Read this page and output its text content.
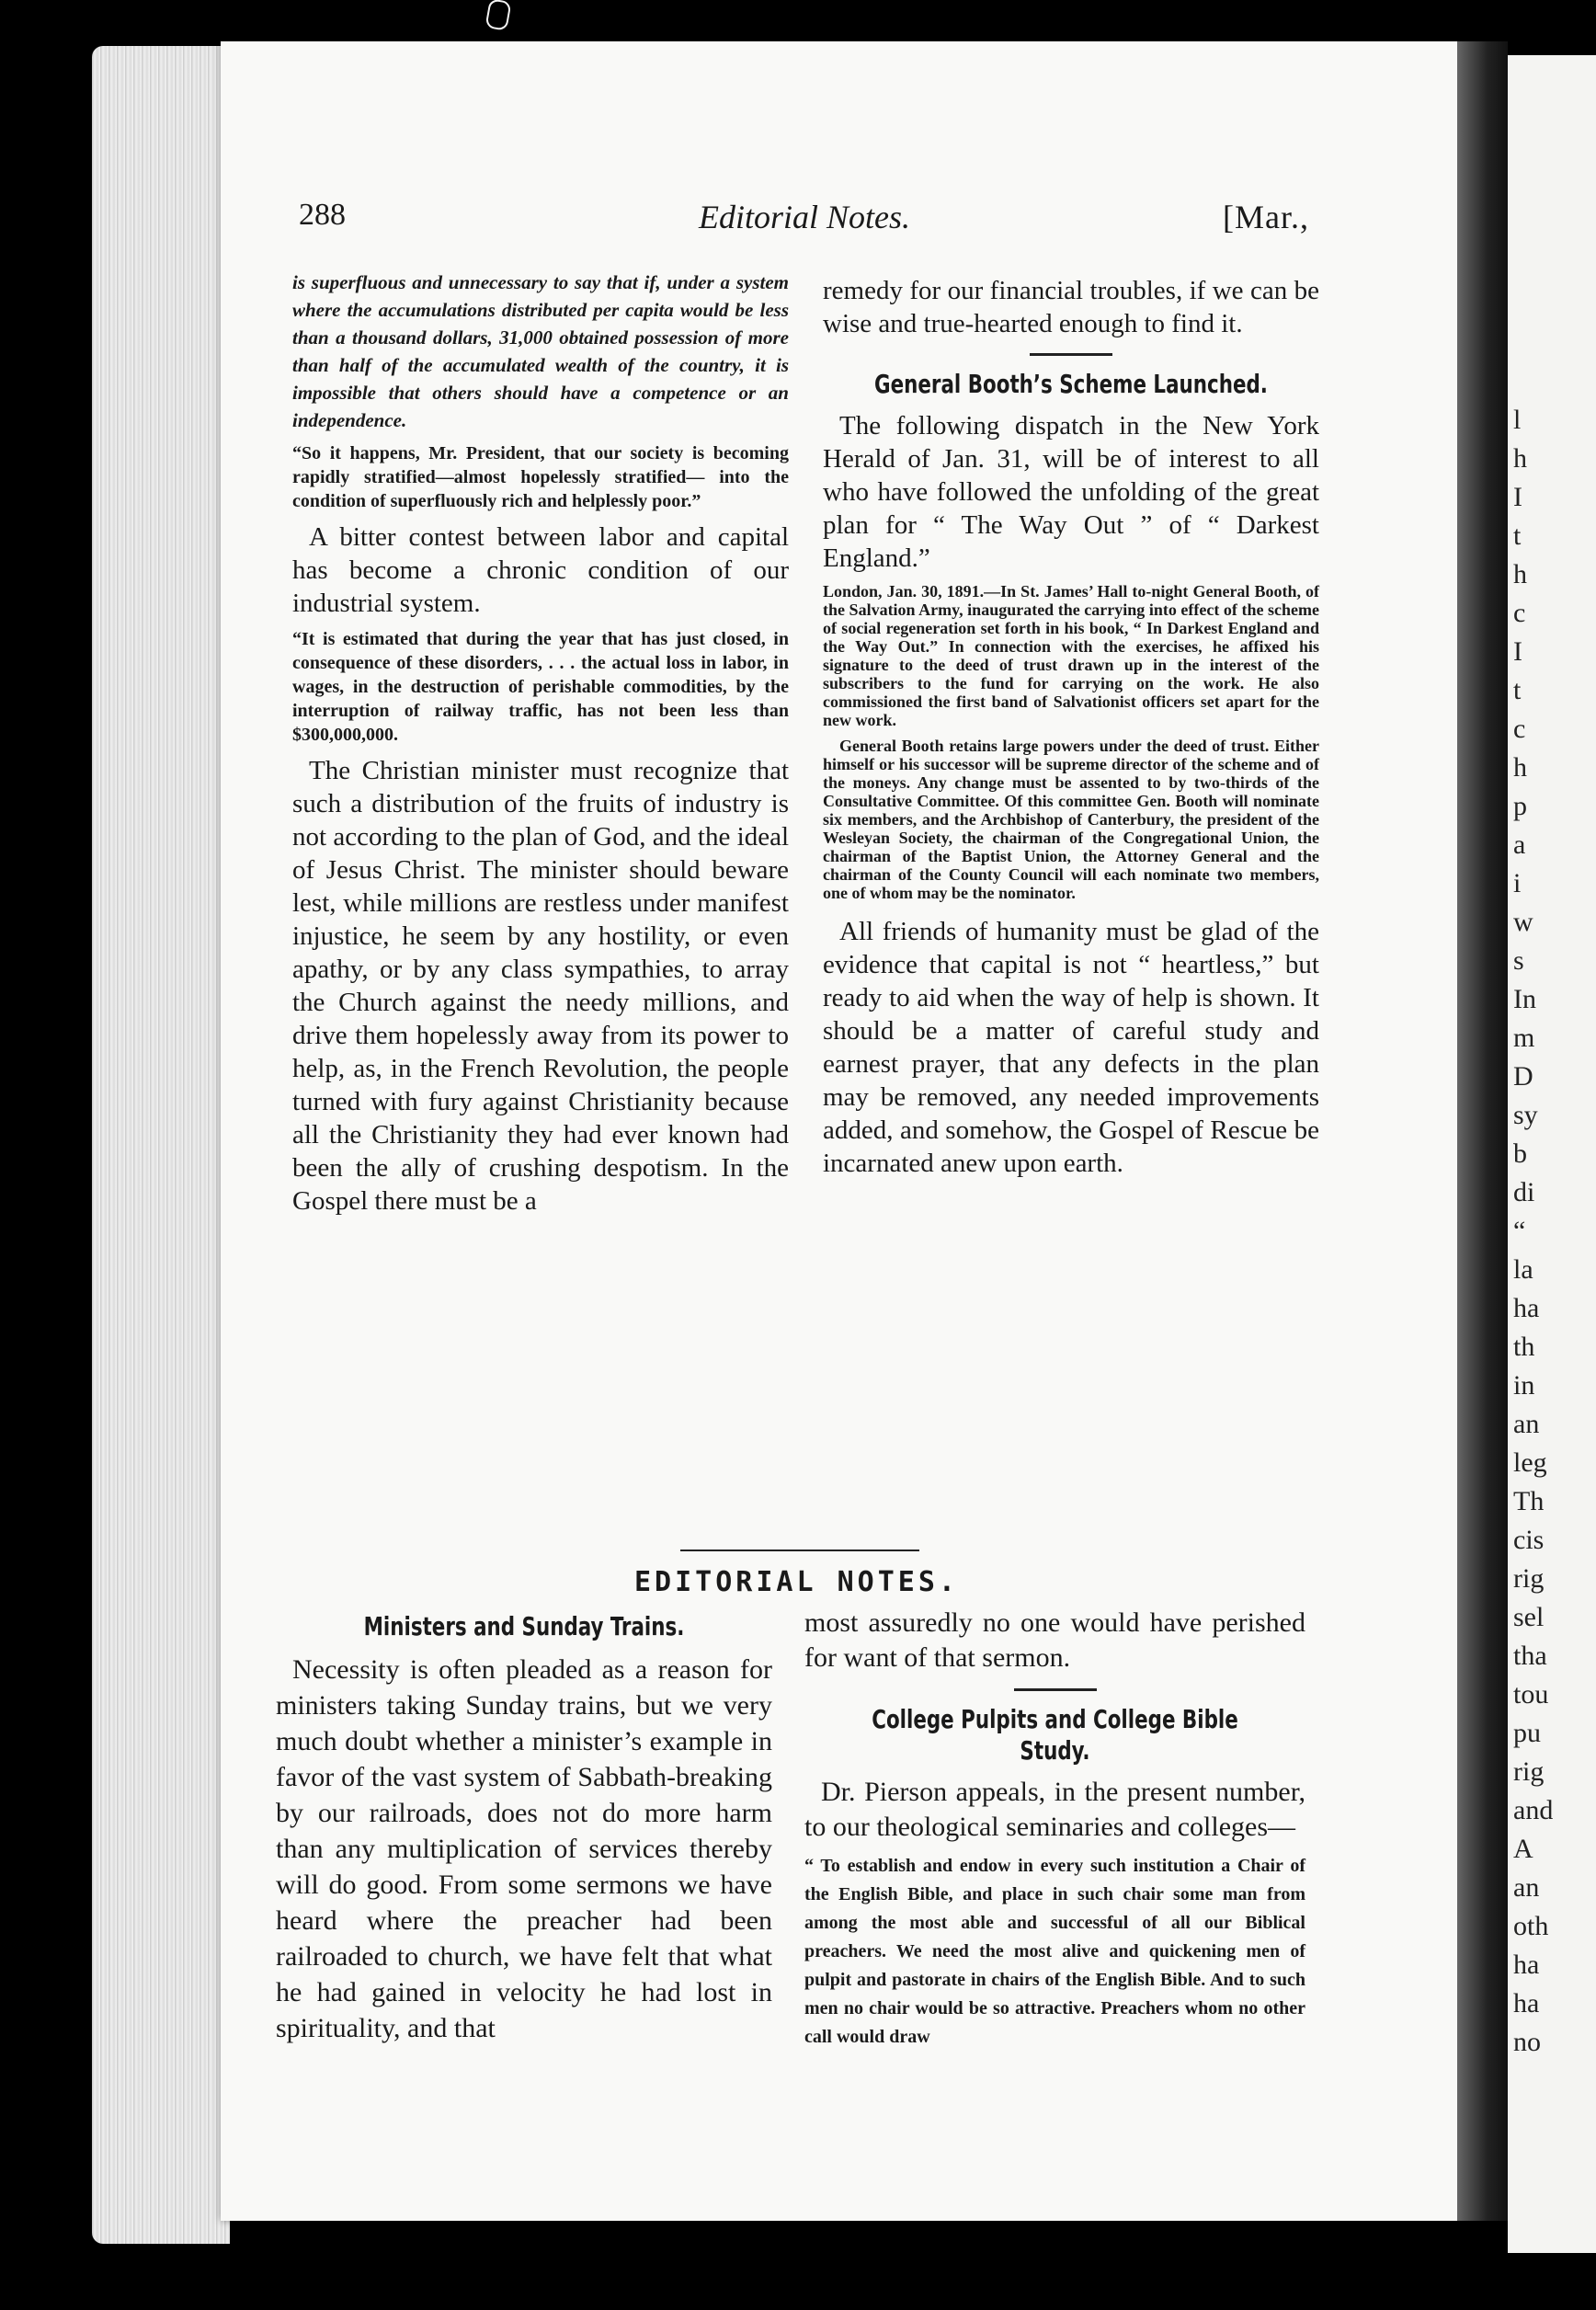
l
h
I
t
h
c
I
t
c
h
p
a
i
w
s
In
m
D
sy
b
di
“
la
ha
th
in
an
leg
Th
cis
rig
sel
tha
tou
pu
rig
and
A
an
oth
ha
ha
no
288	Editorial Notes.	[Mar.,

is superfluous and unnecessary to say that if, under a system where the accumulations distributed per capita would be less than a thousand dollars, 31,000 obtained possession of more than half of the accumulated wealth of the country, it is impossible that others should have a competence or an independence.

“So it happens, Mr. President, that our society is becoming rapidly stratified—almost hopelessly stratified— into the condition of superfluously rich and helplessly poor.”

A bitter contest between labor and capital has become a chronic condition of our industrial system.

“It is estimated that during the year that has just closed, in consequence of these disorders, . . . the actual loss in labor, in wages, in the destruction of perishable commodities, by the interruption of railway traffic, has not been less than $300,000,000.

The Christian minister must recognize that such a distribution of the fruits of industry is not according to the plan of God, and the ideal of Jesus Christ. The minister should beware lest, while millions are restless under manifest injustice, he seem by any hostility, or even apathy, or by any class sympathies, to array the Church against the needy millions, and drive them hopelessly away from its power to help, as, in the French Revolution, the people turned with fury against Christianity because all the Christianity they had ever known had been the ally of crushing despotism. In the Gospel there must be a

remedy for our financial troubles, if we can be wise and true-hearted enough to find it.

General Booth’s Scheme Launched.

The following dispatch in the New York Herald of Jan. 31, will be of interest to all who have followed the unfolding of the great plan for “ The Way Out ” of “ Darkest England.”

London, Jan. 30, 1891.—In St. James’ Hall to-night General Booth, of the Salvation Army, inaugurated the carrying into effect of the scheme of social regeneration set forth in his book, “ In Darkest England and the Way Out.” In connection with the exercises, he affixed his signature to the deed of trust drawn up in the interest of the subscribers to the fund for carrying on the work. He also commissioned the first band of Salvationist officers set apart for the new work.

General Booth retains large powers under the deed of trust. Either himself or his successor will be supreme director of the scheme and of the moneys. Any change must be assented to by two-thirds of the Consultative Committee. Of this committee Gen. Booth will nominate six members, and the Archbishop of Canterbury, the president of the Wesleyan Society, the chairman of the Congregational Union, the chairman of the Baptist Union, the Attorney General and the chairman of the County Council will each nominate two members, one of whom may be the nominator.

All friends of humanity must be glad of the evidence that capital is not “ heartless,” but ready to aid when the way of help is shown. It should be a matter of careful study and earnest prayer, that any defects in the plan may be removed, any needed improvements added, and somehow, the Gospel of Rescue be incarnated anew upon earth.

EDITORIAL NOTES.
Ministers and Sunday Trains.

Necessity is often pleaded as a reason for ministers taking Sunday trains, but we very much doubt whether a minister’s example in favor of the vast system of Sabbath-breaking by our railroads, does not do more harm than any multiplication of services thereby will do good. From some sermons we have heard where the preacher had been railroaded to church, we have felt that what he had gained in velocity he had lost in spirituality, and that

most assuredly no one would have perished for want of that sermon.

College Pulpits and College Bible Study.

Dr. Pierson appeals, in the present number, to our theological seminaries and colleges—

“ To establish and endow in every such institution a Chair of the English Bible, and place in such chair some man from among the most able and successful of all our Biblical preachers. We need the most alive and quickening men of pulpit and pastorate in chairs of the English Bible. And to such men no chair would be so attractive. Preachers whom no other call would draw
